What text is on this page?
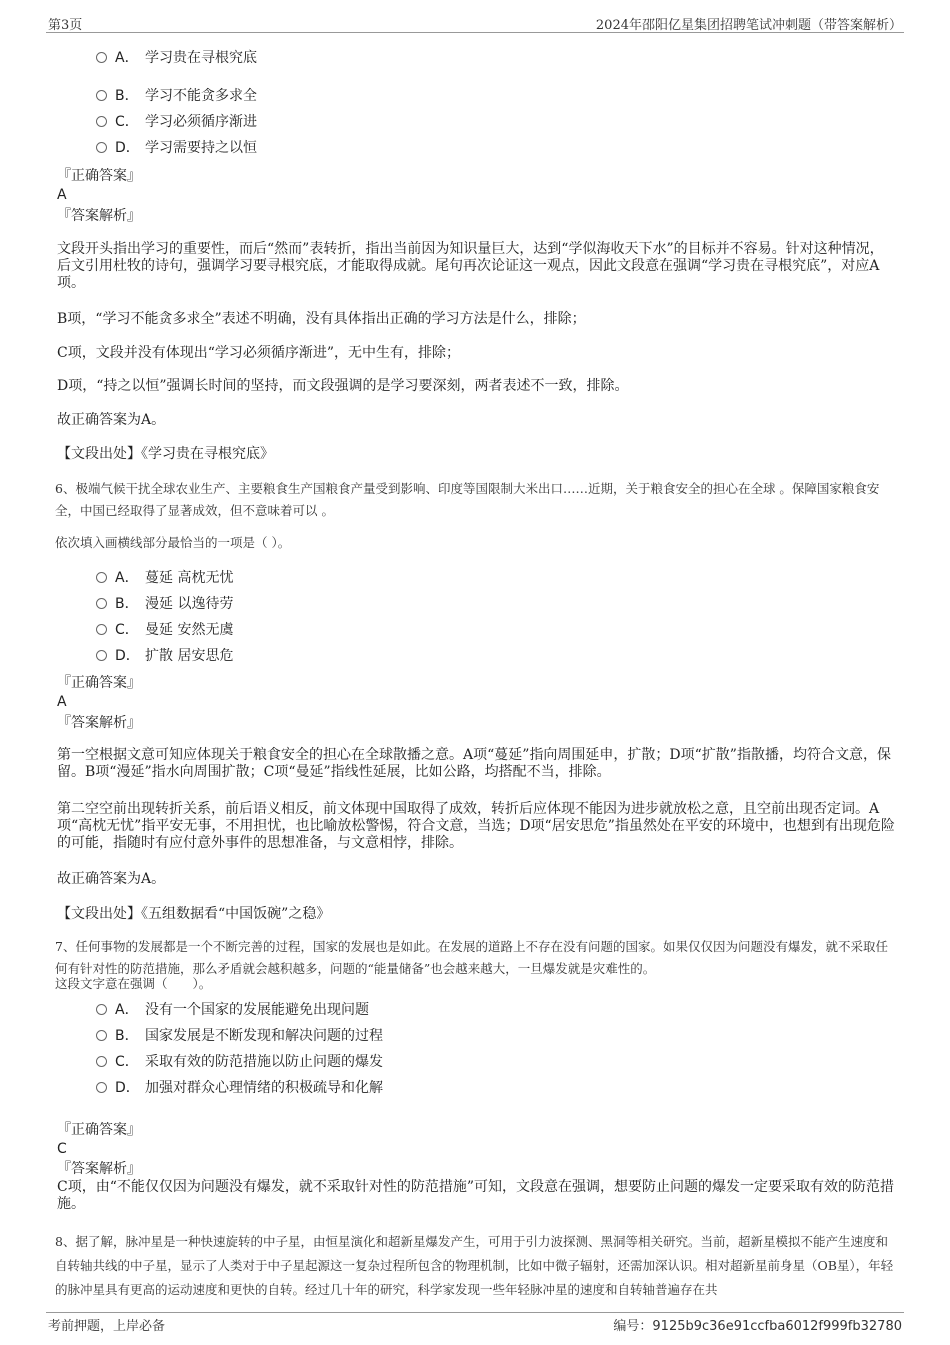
第3页	2024年邵阳亿星集团招聘笔试冲刺题（带答案解析）
A． 学习贵在寻根究底
B． 学习不能贪多求全
C． 学习必须循序渐进
D． 学习需要持之以恒
『正确答案』
A
『答案解析』
文段开头指出学习的重要性，而后“然而”表转折，指出当前因为知识量巨大，达到“学似海收天下水”的目标并不容易。针对这种情况，后文引用杜牧的诗句，强调学习要寻根究底，才能取得成就。尾句再次论证这一观点，因此文段意在强调“学习贵在寻根究底”，对应A项。
B项，“学习不能贪多求全”表述不明确，没有具体指出正确的学习方法是什么，排除；
C项，文段并没有体现出“学习必须循序渐进”，无中生有，排除；
D项，“持之以恒”强调长时间的坚持，而文段强调的是学习要深刻，两者表述不一致，排除。
故正确答案为A。
【文段出处】《学习贵在寻根究底》
6、极端气候干扰全球农业生产、主要粮食生产国粮食产量受到影响、印度等国限制大米出口……近期，关于粮食安全的担心在全球 。保障国家粮食安全，中国已经取得了显著成效，但不意味着可以 。
依次填入画横线部分最恰当的一项是（ ）。
A． 蔓延 高枕无忧
B． 漫延 以逸待劳
C． 曼延 安然无虞
D． 扩散 居安思危
『正确答案』
A
『答案解析』
第一空根据文意可知应体现关于粮食安全的担心在全球散播之意。A项“蔓延”指向周围延申，扩散；D项“扩散”指散播，均符合文意，保留。B项“漫延”指水向周围扩散；C项“曼延”指线性延展，比如公路，均搭配不当，排除。
第二空空前出现转折关系，前后语义相反，前文体现中国取得了成效，转折后应体现不能因为进步就放松之意，且空前出现否定词。A项“高枕无忧”指平安无事，不用担忧，也比喻放松警惕，符合文意，当选；D项“居安思危”指虽然处在平安的环境中，也想到有出现危险的可能，指随时有应付意外事件的思想准备，与文意相悖，排除。
故正确答案为A。
【文段出处】《五组数据看“中国饭碗”之稳》
7、任何事物的发展都是一个不断完善的过程，国家的发展也是如此。在发展的道路上不存在没有问题的国家。如果仅仅因为问题没有爆发，就不采取任何有针对性的防范措施，那么矛盾就会越积越多，问题的“能量储备”也会越来越大，一旦爆发就是灾难性的。
这段文字意在强调（　　）。
A． 没有一个国家的发展能避免出现问题
B． 国家发展是不断发现和解决问题的过程
C． 采取有效的防范措施以防止问题的爆发
D． 加强对群众心理情绪的积极疏导和化解
『正确答案』
C
『答案解析』
C项，由“不能仅仅因为问题没有爆发，就不采取针对性的防范措施”可知，文段意在强调，想要防止问题的爆发一定要采取有效的防范措施。
8、据了解，脉冲星是一种快速旋转的中子星，由恒星演化和超新星爆发产生，可用于引力波探测、黑洞等相关研究。当前，超新星模拟不能产生速度和自转轴共线的中子星，显示了人类对于中子星起源这一复杂过程所包含的物理机制，比如中微子辐射，还需加深认识。相对超新星前身星（OB星），年轻的脉冲星具有更高的运动速度和更快的自转。经过几十年的研究，科学家发现一些年轻脉冲星的速度和自转轴普遍存在共
考前押题，上岸必备	编号：9125b9c36e91ccfba6012f999fb32780
